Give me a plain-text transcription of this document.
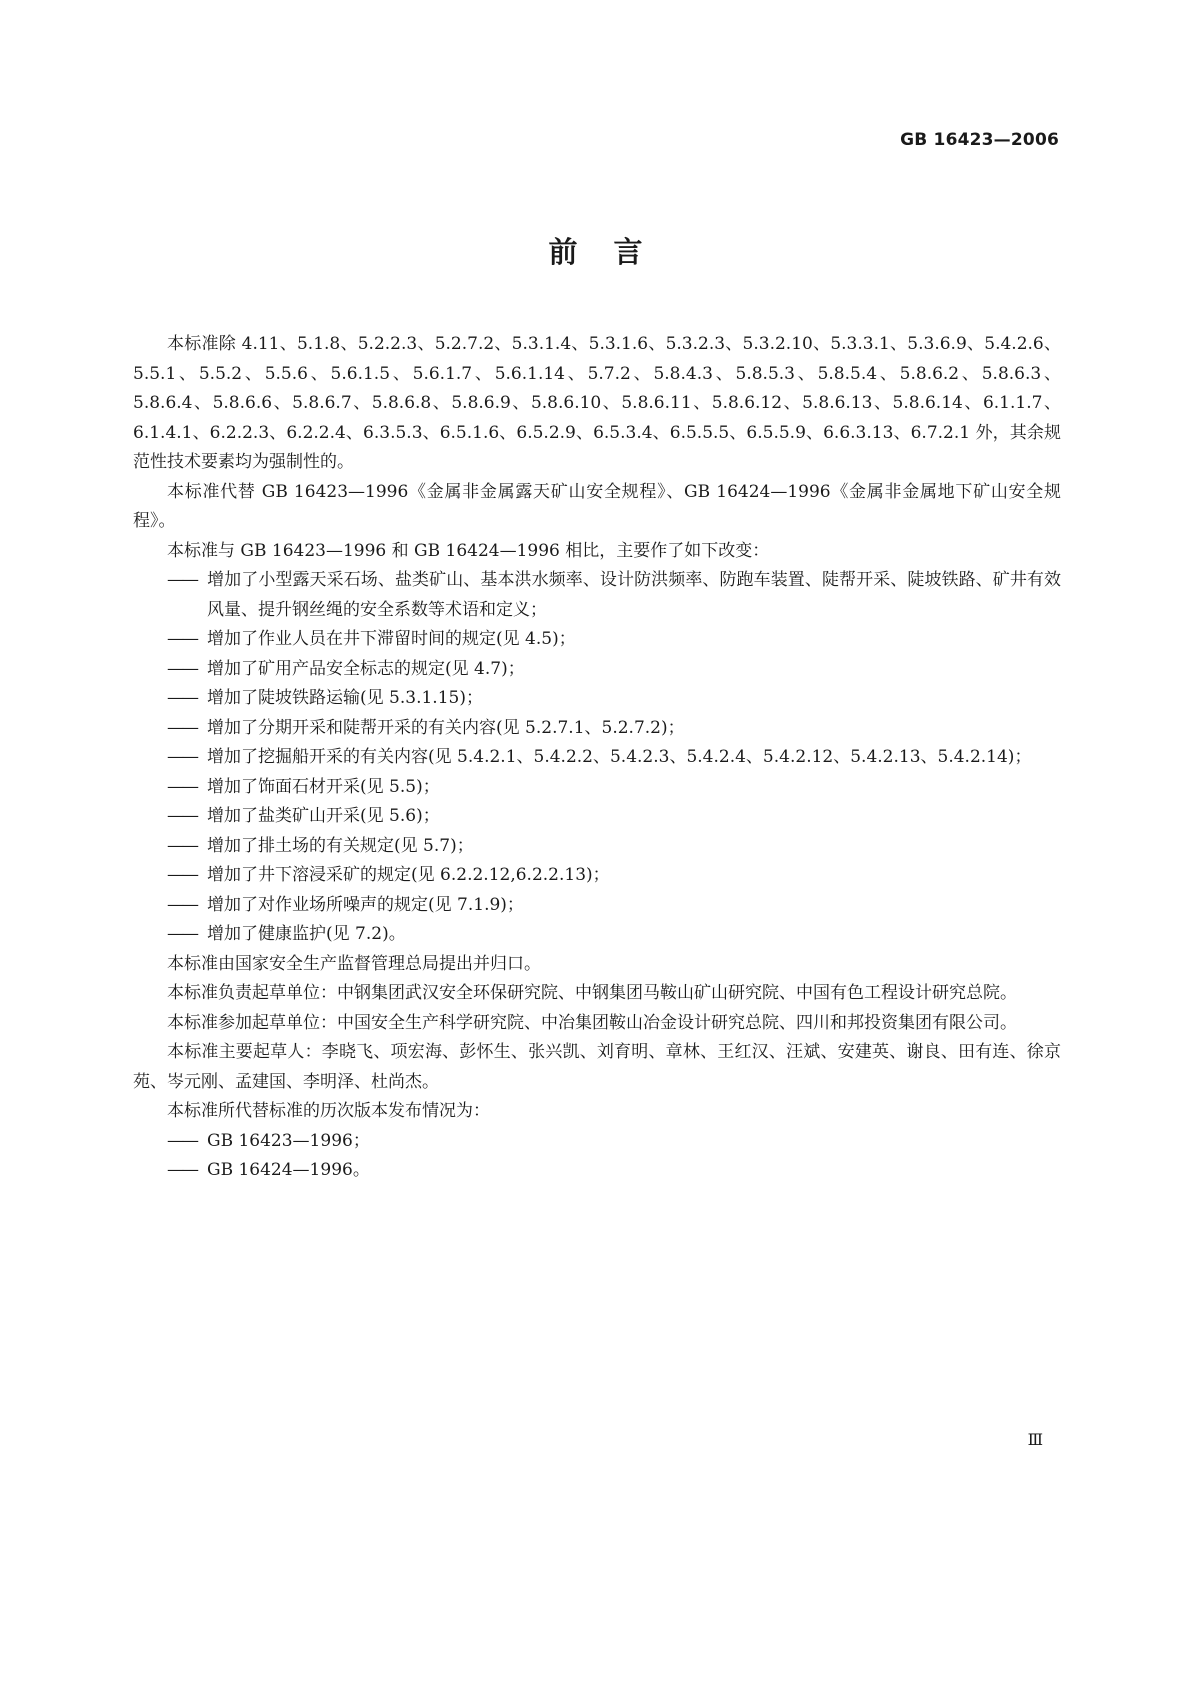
GB 16423—2006
前言

本标准除 4.11、5.1.8、5.2.2.3、5.2.7.2、5.3.1.4、5.3.1.6、5.3.2.3、5.3.2.10、5.3.3.1、5.3.6.9、5.4.2.6、5.5.1、5.5.2、5.5.6、5.6.1.5、5.6.1.7、5.6.1.14、5.7.2、5.8.4.3、5.8.5.3、5.8.5.4、5.8.6.2、5.8.6.3、5.8.6.4、5.8.6.6、5.8.6.7、5.8.6.8、5.8.6.9、5.8.6.10、5.8.6.11、5.8.6.12、5.8.6.13、5.8.6.14、6.1.1.7、6.1.4.1、6.2.2.3、6.2.2.4、6.3.5.3、6.5.1.6、6.5.2.9、6.5.3.4、6.5.5.5、6.5.5.9、6.6.3.13、6.7.2.1 外，其余规范性技术要素均为强制性的。

本标准代替 GB 16423—1996《金属非金属露天矿山安全规程》、GB 16424—1996《金属非金属地下矿山安全规程》。

本标准与 GB 16423—1996 和 GB 16424—1996 相比，主要作了如下改变：

—— 增加了小型露天采石场、盐类矿山、基本洪水频率、设计防洪频率、防跑车装置、陡帮开采、陡坡铁路、矿井有效风量、提升钢丝绳的安全系数等术语和定义；
—— 增加了作业人员在井下滞留时间的规定(见 4.5)；
—— 增加了矿用产品安全标志的规定(见 4.7)；
—— 增加了陡坡铁路运输(见 5.3.1.15)；
—— 增加了分期开采和陡帮开采的有关内容(见 5.2.7.1、5.2.7.2)；
—— 增加了挖掘船开采的有关内容(见 5.4.2.1、5.4.2.2、5.4.2.3、5.4.2.4、5.4.2.12、5.4.2.13、5.4.2.14)；
—— 增加了饰面石材开采(见 5.5)；
—— 增加了盐类矿山开采(见 5.6)；
—— 增加了排土场的有关规定(见 5.7)；
—— 增加了井下溶浸采矿的规定(见 6.2.2.12,6.2.2.13)；
—— 增加了对作业场所噪声的规定(见 7.1.9)；
—— 增加了健康监护(见 7.2)。

本标准由国家安全生产监督管理总局提出并归口。

本标准负责起草单位：中钢集团武汉安全环保研究院、中钢集团马鞍山矿山研究院、中国有色工程设计研究总院。

本标准参加起草单位：中国安全生产科学研究院、中冶集团鞍山冶金设计研究总院、四川和邦投资集团有限公司。

本标准主要起草人：李晓飞、项宏海、彭怀生、张兴凯、刘育明、章林、王红汉、汪斌、安建英、谢良、田有连、徐京苑、岑元刚、孟建国、李明泽、杜尚杰。

本标准所代替标准的历次版本发布情况为：

—— GB 16423—1996；
—— GB 16424—1996。
Ⅲ
